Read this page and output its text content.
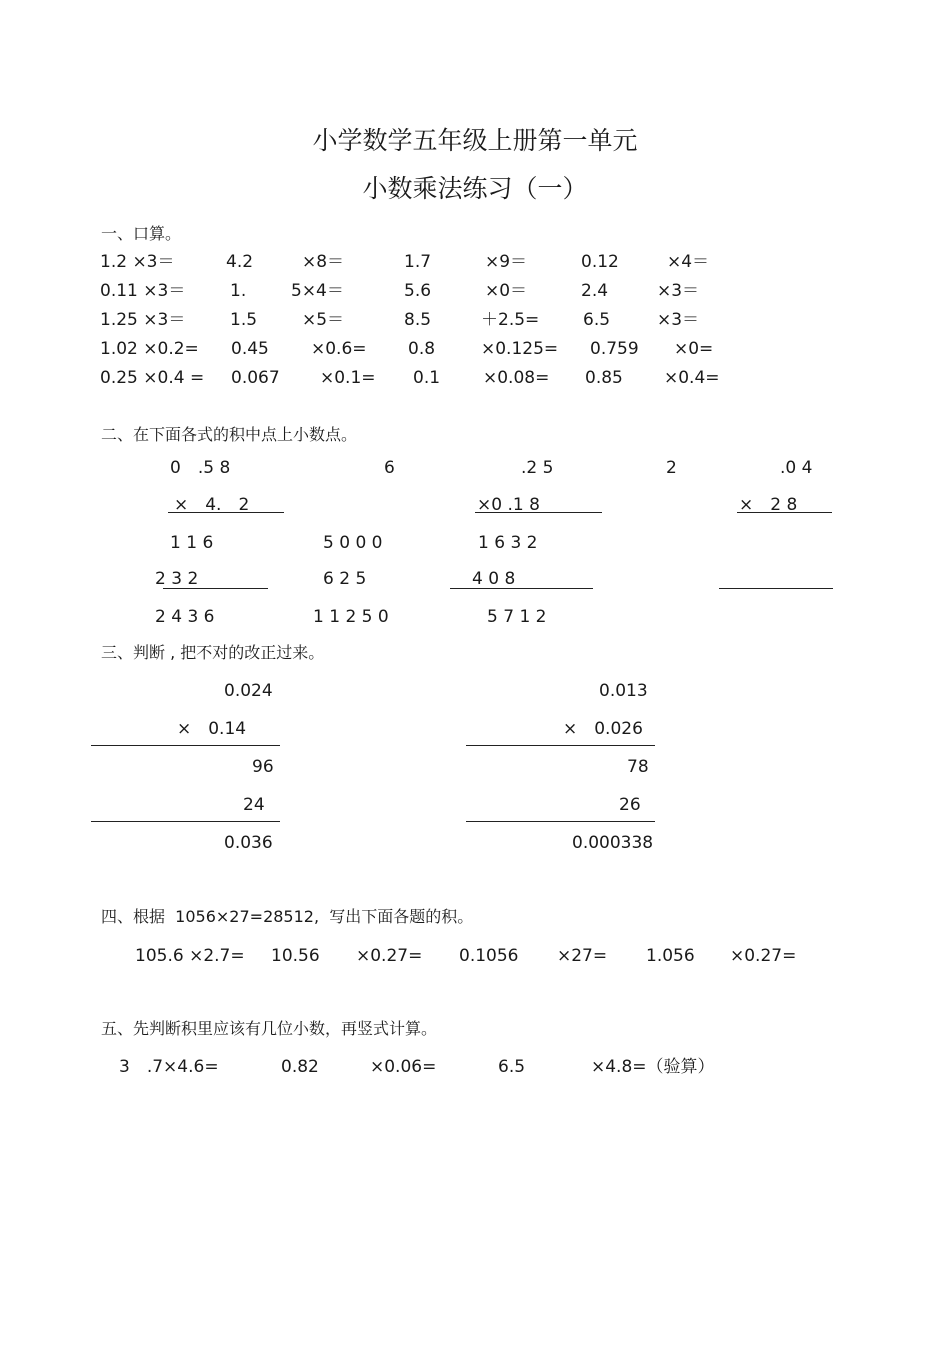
小学数学五年级上册第一单元
小数乘法练习（一）
一、口算。
1.2 ×3＝	4.2	×8＝	1.7	×9＝	0.12	×4＝
0.11 ×3＝	1.	5×4＝	5.6	×0＝	2.4	×3＝
1.25 ×3＝	1.5	×5＝	8.5	＋2.5=	6.5	×3＝
1.02 ×0.2= 0.45 ×0.6= 0.8	×0.125= 0.759 ×0=
0.25 ×0.4 = 0.067 ×0.1= 0.1	×0.08= 0.85 ×0.4=
二、在下面各式的积中点上小数点。
0　.5 8
×　4.　2
1 1 6
2 3 2
2 4 3 6
6
5 0 0 0
6 2 5
1 1 2 5 0
.2 5
×0 .1 8
1 6 3 2
4 0 8
5 7 1 2
2	.0 4
×　2 8
三、判断 , 把不对的改正过来。
0.024
×　0.14
96
24
0.036
0.013
×　0.026
78
26
0.000338
四、根据  1056×27=28512,  写出下面各题的积。
105.6 ×2.7= 10.56 ×0.27= 0.1056 ×27= 1.056 ×0.27=
五、先判断积里应该有几位小数，再竖式计算。
3　.7×4.6=	0.82	×0.06=	6.5	×4.8=（验算）
